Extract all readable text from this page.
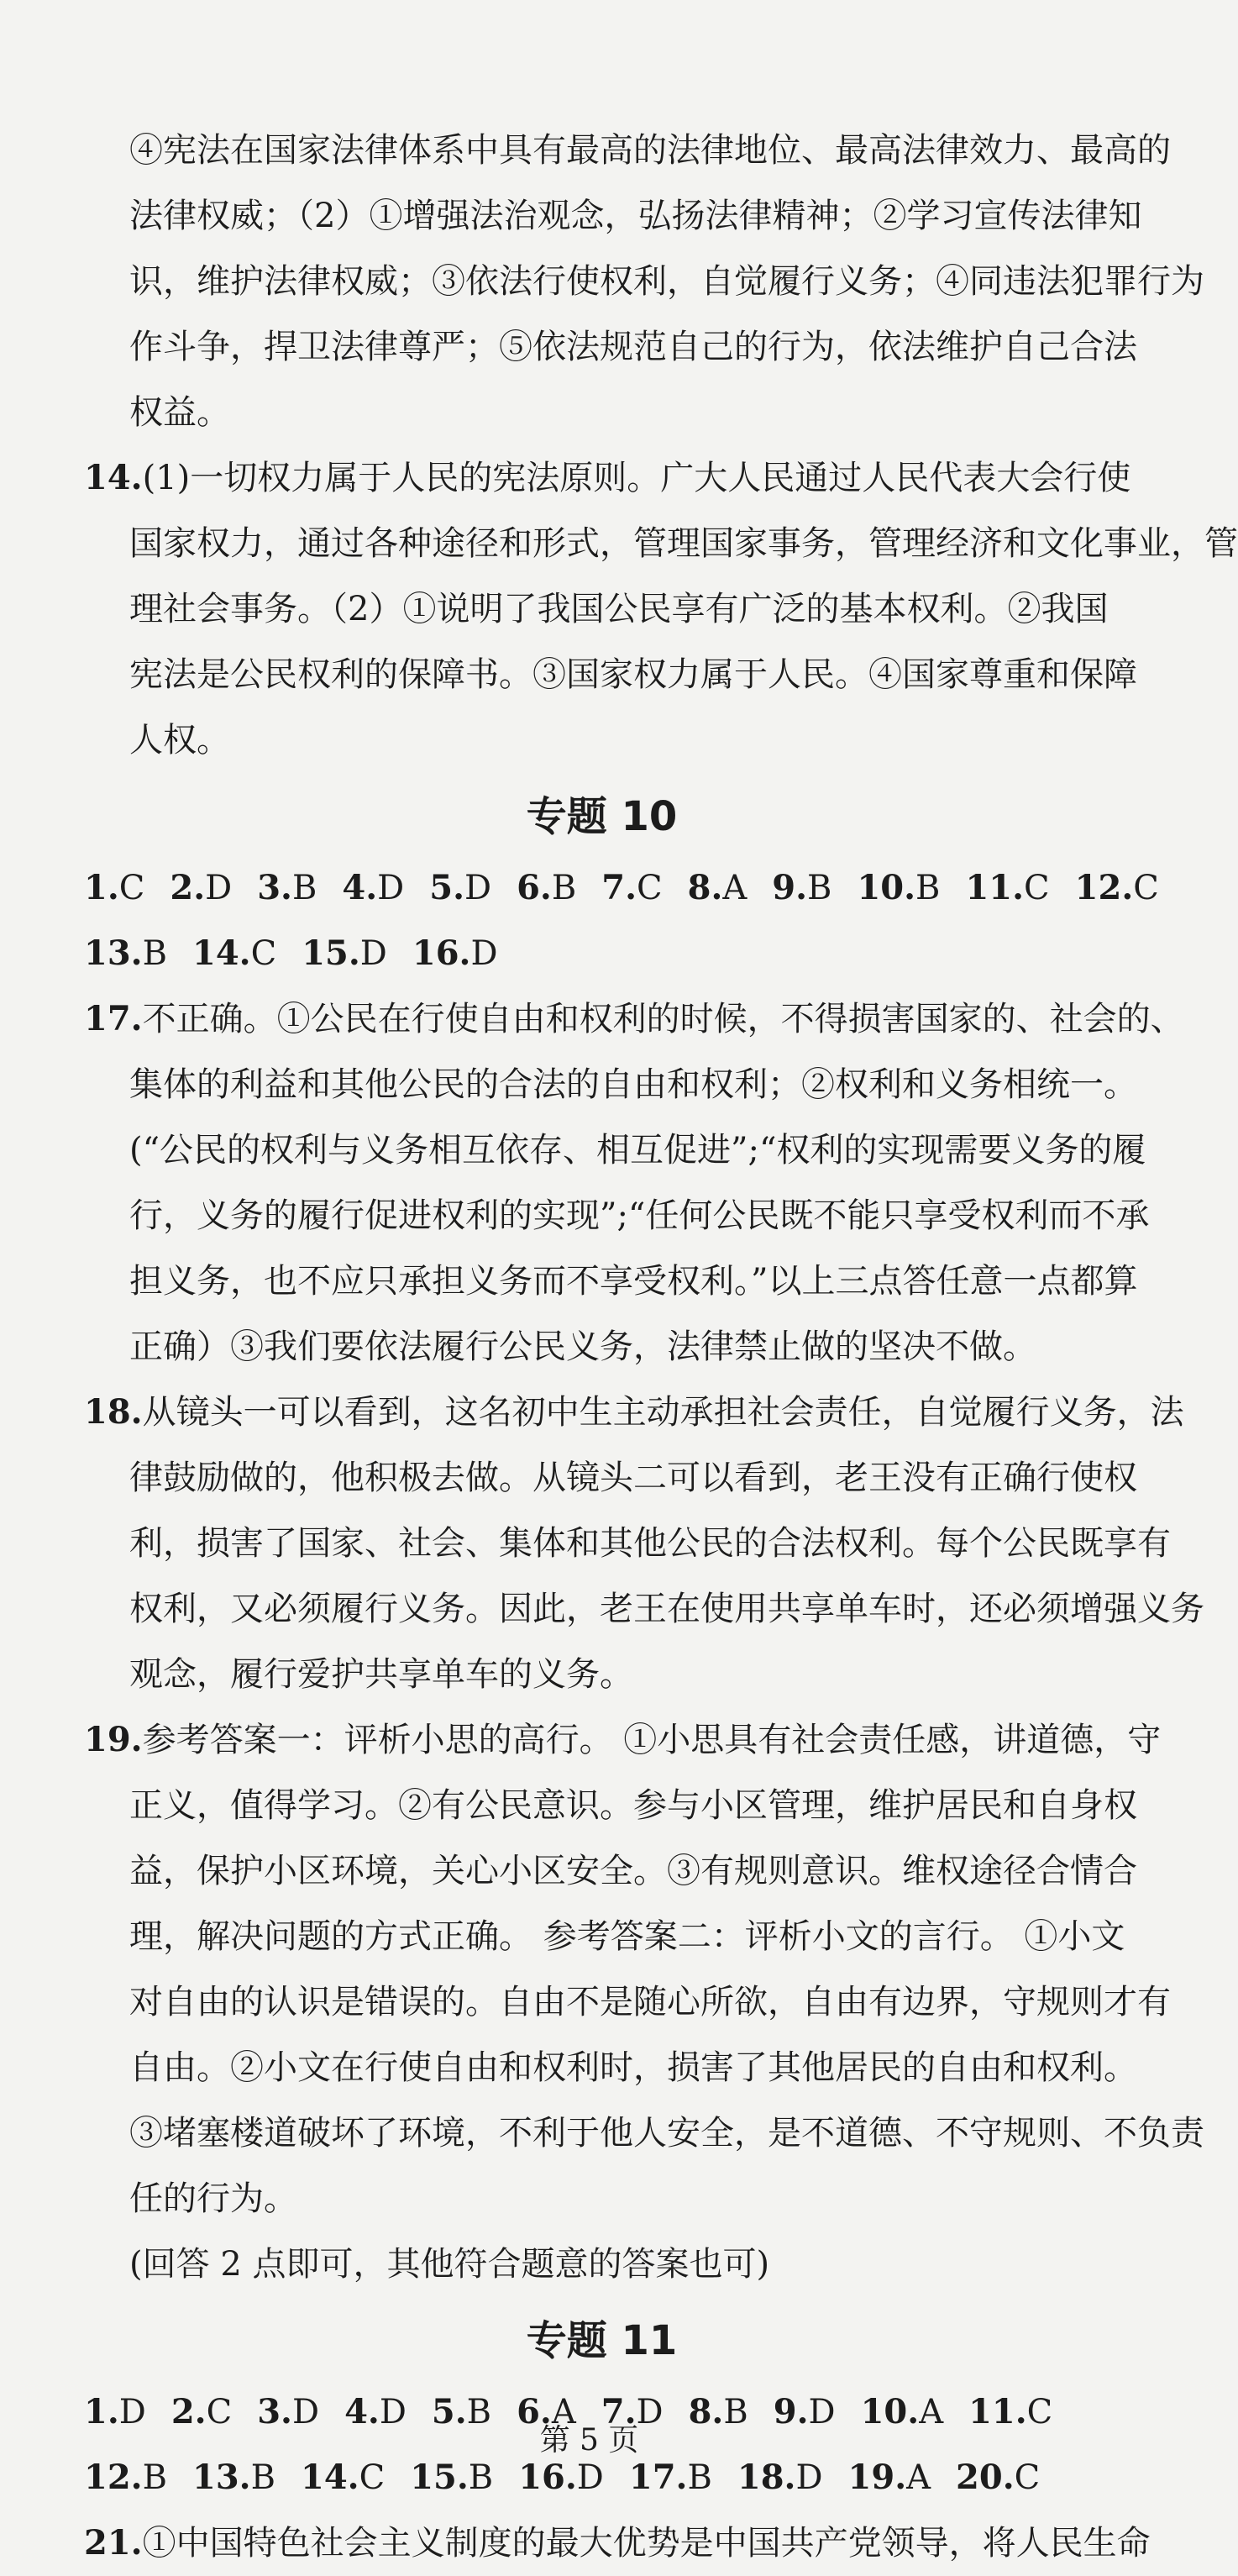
④宪法在国家法律体系中具有最高的法律地位、最高法律效力、最高的
法律权威；（2）①增强法治观念，弘扬法律精神；②学习宣传法律知
识，维护法律权威；③依法行使权利，自觉履行义务；④同违法犯罪行为
作斗争，捍卫法律尊严；⑤依法规范自己的行为，依法维护自己合法
权益。
14.(1)一切权力属于人民的宪法原则。广大人民通过人民代表大会行使
国家权力，通过各种途径和形式，管理国家事务，管理经济和文化事业，管
理社会事务。（2）①说明了我国公民享有广泛的基本权利。②我国
宪法是公民权利的保障书。③国家权力属于人民。④国家尊重和保障
人权。
专题 10
1.C 2.D 3.B 4.D 5.D 6.B 7.C 8.A 9.B 10.B 11.C 12.C
13.B 14.C 15.D 16.D
17.不正确。①公民在行使自由和权利的时候，不得损害国家的、社会的、
集体的利益和其他公民的合法的自由和权利；②权利和义务相统一。
(“公民的权利与义务相互依存、相互促进”;“权利的实现需要义务的履
行，义务的履行促进权利的实现”;“任何公民既不能只享受权利而不承
担义务，也不应只承担义务而不享受权利。”以上三点答任意一点都算
正确）③我们要依法履行公民义务，法律禁止做的坚决不做。
18.从镜头一可以看到，这名初中生主动承担社会责任，自觉履行义务，法
律鼓励做的，他积极去做。从镜头二可以看到，老王没有正确行使权
利，损害了国家、社会、集体和其他公民的合法权利。每个公民既享有
权利，又必须履行义务。因此，老王在使用共享单车时，还必须增强义务
观念，履行爱护共享单车的义务。
19.参考答案一：评析小思的高行。 ①小思具有社会责任感，讲道德，守
正义，值得学习。②有公民意识。参与小区管理，维护居民和自身权
益，保护小区环境，关心小区安全。③有规则意识。维权途径合情合
理，解决问题的方式正确。 参考答案二：评析小文的言行。 ①小文
对自由的认识是错误的。自由不是随心所欲，自由有边界，守规则才有
自由。②小文在行使自由和权利时，损害了其他居民的自由和权利。
③堵塞楼道破坏了环境，不利于他人安全，是不道德、不守规则、不负责
任的行为。
(回答 2 点即可，其他符合题意的答案也可)
专题 11
1.D 2.C 3.D 4.D 5.B 6.A 7.D 8.B 9.D 10.A 11.C
12.B 13.B 14.C 15.B 16.D 17.B 18.D 19.A 20.C
21.①中国特色社会主义制度的最大优势是中国共产党领导，将人民生命
第 5 页
